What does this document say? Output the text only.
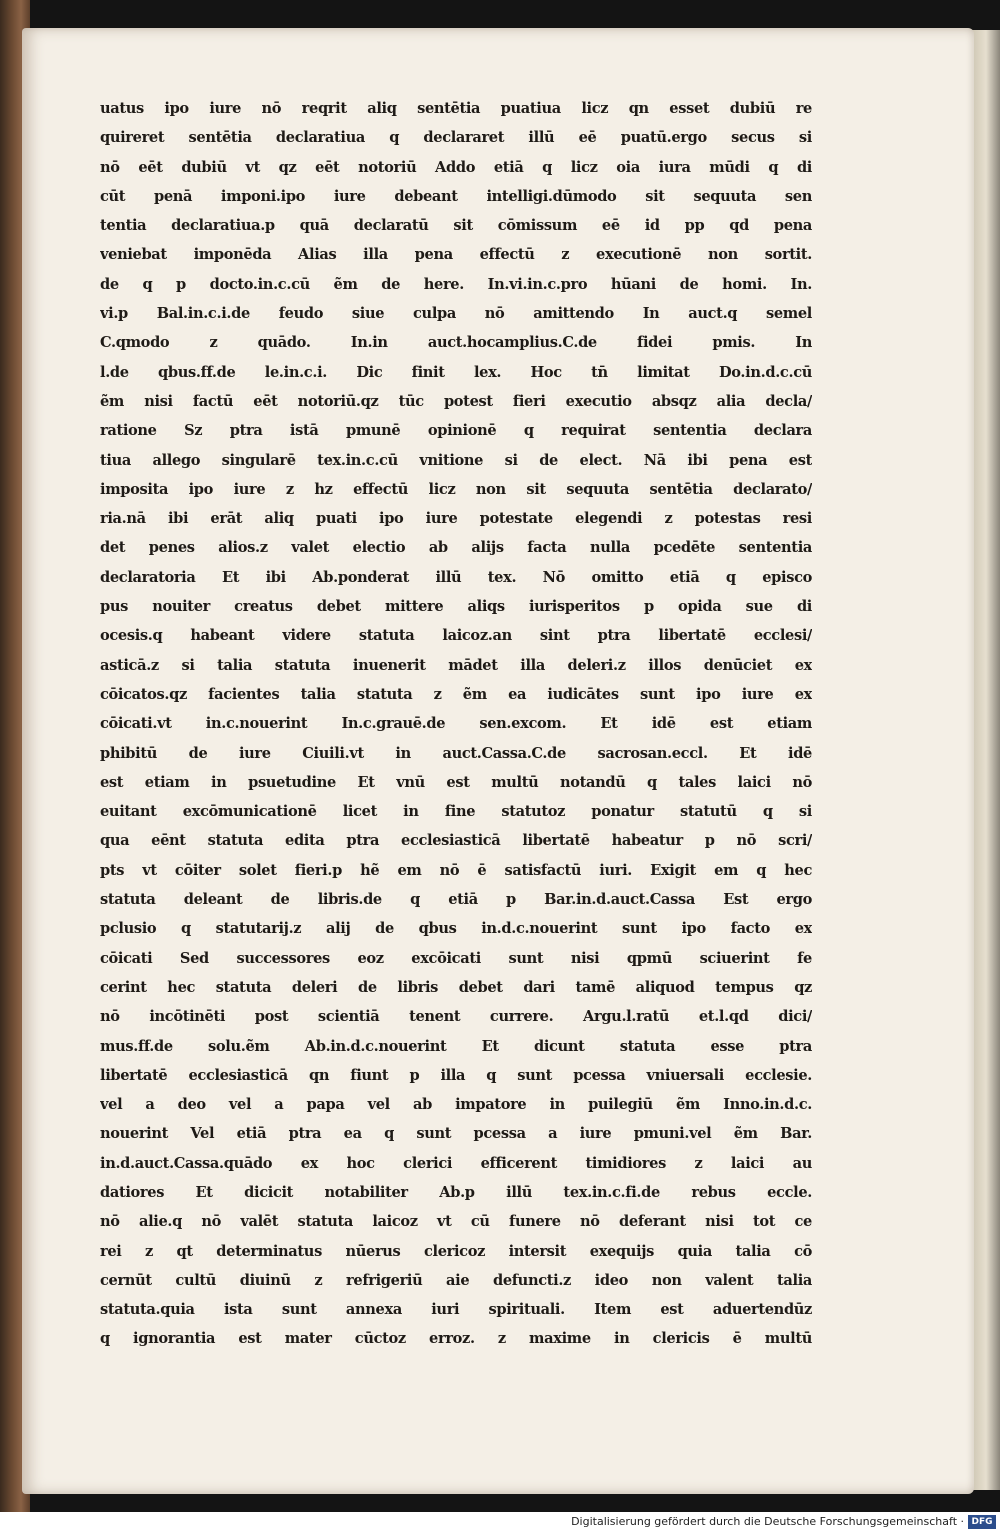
uatus ipo iure nō reqrit aliq sentētia puatiua licz qn esset dubiū re
quireret sentētia declaratiua q declararet illū eē puatū.ergo secus si
nō eēt dubiū vt qz eēt notoriū Addo etiā q licz oia iura mūdi q di
cūt penā imponi.ipo iure debeant intelligi.dūmodo sit sequuta sen
tentia declaratiua.p quā declaratū sit cōmissum eē id pp qd pena
veniebat imponēda Alias illa pena effectū z executionē non sortit.
de q p docto.in.c.cū ẽm de here. In.vi.in.c.pro hūani de homi. In.
vi.p Bal.in.c.i.de feudo siue culpa nō amittendo In auct.q semel
C.qmodo z quādo. In.in auct.hocamplius.C.de fidei pmis. In
l.de qbus.ff.de le.in.c.i. Dic finit lex. Hoc tn̄ limitat Do.in.d.c.cū
ẽm nisi factū eēt notoriū.qz tūc potest fieri executio absqz alia decla/
ratione Sz ptra istā pmunē opinionē q requirat sententia declara
tiua allego singularē tex.in.c.cū vnitione si de elect. Nā ibi pena est
imposita ipo iure z hz effectū licz non sit sequuta sentētia declarato/
ria.nā ibi erāt aliq puati ipo iure potestate elegendi z potestas resi
det penes alios.z valet electio ab alijs facta nulla pcedēte sententia
declaratoria Et ibi Ab.ponderat illū tex. Nō omitto etiā q episco
pus nouiter creatus debet mittere aliqs iurisperitos p opida sue di
ocesis.q habeant videre statuta laicoz.an sint ptra libertatē ecclesi/
asticā.z si talia statuta inuenerit mādet illa deleri.z illos denūciet ex
cōicatos.qz facientes talia statuta z ẽm ea iudicātes sunt ipo iure ex
cōicati.vt in.c.nouerint In.c.grauē.de sen.excom. Et idē est etiam
phibitū de iure Ciuili.vt in auct.Cassa.C.de sacrosan.eccl. Et idē
est etiam in psuetudine Et vnū est multū notandū q tales laici nō
euitant excōmunicationē licet in fine statutoz ponatur statutū q si
qua eēnt statuta edita ptra ecclesiasticā libertatē habeatur p nō scri/
pts vt cōiter solet fieri.p hẽ em nō ē satisfactū iuri. Exigit em q hec
statuta deleant de libris.de q etiā p Bar.in.d.auct.Cassa Est ergo
pclusio q statutarij.z alij de qbus in.d.c.nouerint sunt ipo facto ex
cōicati Sed successores eoz excōicati sunt nisi qpmū sciuerint fe
cerint hec statuta deleri de libris debet dari tamē aliquod tempus qz
nō incōtinēti post scientiā tenent currere. Argu.l.ratū et.l.qd dici/
mus.ff.de solu.ẽm Ab.in.d.c.nouerint Et dicunt statuta esse ptra
libertatē ecclesiasticā qn fiunt p illa q sunt pcessa vniuersali ecclesie.
vel a deo vel a papa vel ab impatore in puilegiū ẽm Inno.in.d.c.
nouerint Vel etiā ptra ea q sunt pcessa a iure pmuni.vel ẽm Bar.
in.d.auct.Cassa.quādo ex hoc clerici efficerent timidiores z laici au
datiores Et dicicit notabiliter Ab.p illū tex.in.c.fi.de rebus eccle.
nō alie.q nō valēt statuta laicoz vt cū funere nō deferant nisi tot ce
rei z qt determinatus nūerus clericoz intersit exequijs quia talia cō
cernūt cultū diuinū z refrigeriū aie defuncti.z ideo non valent talia
statuta.quia ista sunt annexa iuri spirituali. Item est aduertendūz
q ignorantia est mater cūctoz erroz. z maxime in clericis ē multū
Digitalisierung gefördert durch die Deutsche Forschungsgemeinschaft · DFG
